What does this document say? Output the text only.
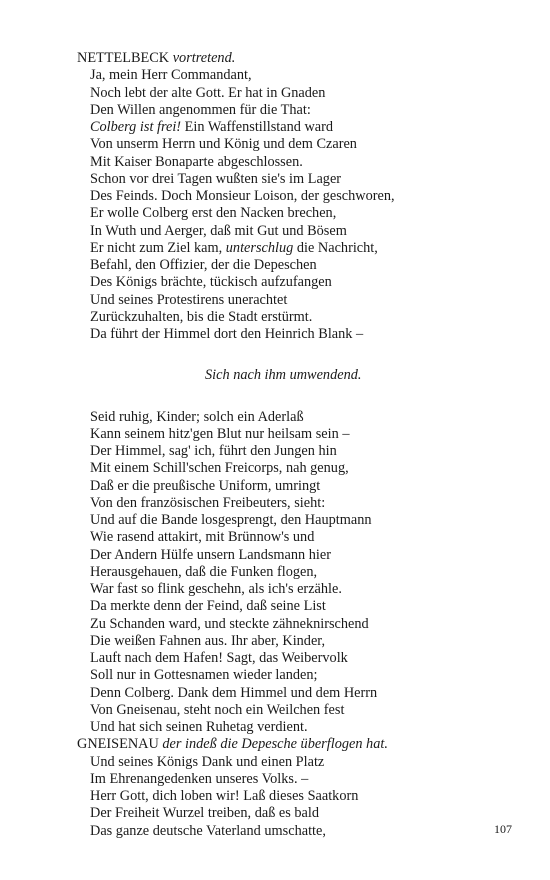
NETTELBECK vortretend.
Ja, mein Herr Commandant,
Noch lebt der alte Gott. Er hat in Gnaden
Den Willen angenommen für die That:
Colberg ist frei! Ein Waffenstillstand ward
Von unserm Herrn und König und dem Czaren
Mit Kaiser Bonaparte abgeschlossen.
Schon vor drei Tagen wußten sie's im Lager
Des Feinds. Doch Monsieur Loison, der geschworen,
Er wolle Colberg erst den Nacken brechen,
In Wuth und Aerger, daß mit Gut und Bösem
Er nicht zum Ziel kam, unterschlug die Nachricht,
Befahl, den Offizier, der die Depeschen
Des Königs brächte, tückisch aufzufangen
Und seines Protestirens unerachtet
Zurückzuhalten, bis die Stadt erstürmt.
Da führt der Himmel dort den Heinrich Blank –
Sich nach ihm umwendend.
Seid ruhig, Kinder; solch ein Aderlaß
Kann seinem hitz'gen Blut nur heilsam sein –
Der Himmel, sag' ich, führt den Jungen hin
Mit einem Schill'schen Freicorps, nah genug,
Daß er die preußische Uniform, umringt
Von den französischen Freibeuters, sieht:
Und auf die Bande losgesprengt, den Hauptmann
Wie rasend attakirt, mit Brünnow's und
Der Andern Hülfe unsern Landsmann hier
Herausgehauen, daß die Funken flogen,
War fast so flink geschehn, als ich's erzähle.
Da merkte denn der Feind, daß seine List
Zu Schanden ward, und steckte zähneknirschend
Die weißen Fahnen aus. Ihr aber, Kinder,
Lauft nach dem Hafen! Sagt, das Weibervolk
Soll nur in Gottesnamen wieder landen;
Denn Colberg. Dank dem Himmel und dem Herrn
Von Gneisenau, steht noch ein Weilchen fest
Und hat sich seinen Ruhetag verdient.
GNEISENAU der indeß die Depesche überflogen hat.
Und seines Königs Dank und einen Platz
Im Ehrenangedenken unseres Volks. –
Herr Gott, dich loben wir! Laß dieses Saatkorn
Der Freiheit Wurzel treiben, daß es bald
Das ganze deutsche Vaterland umschatte,	107
